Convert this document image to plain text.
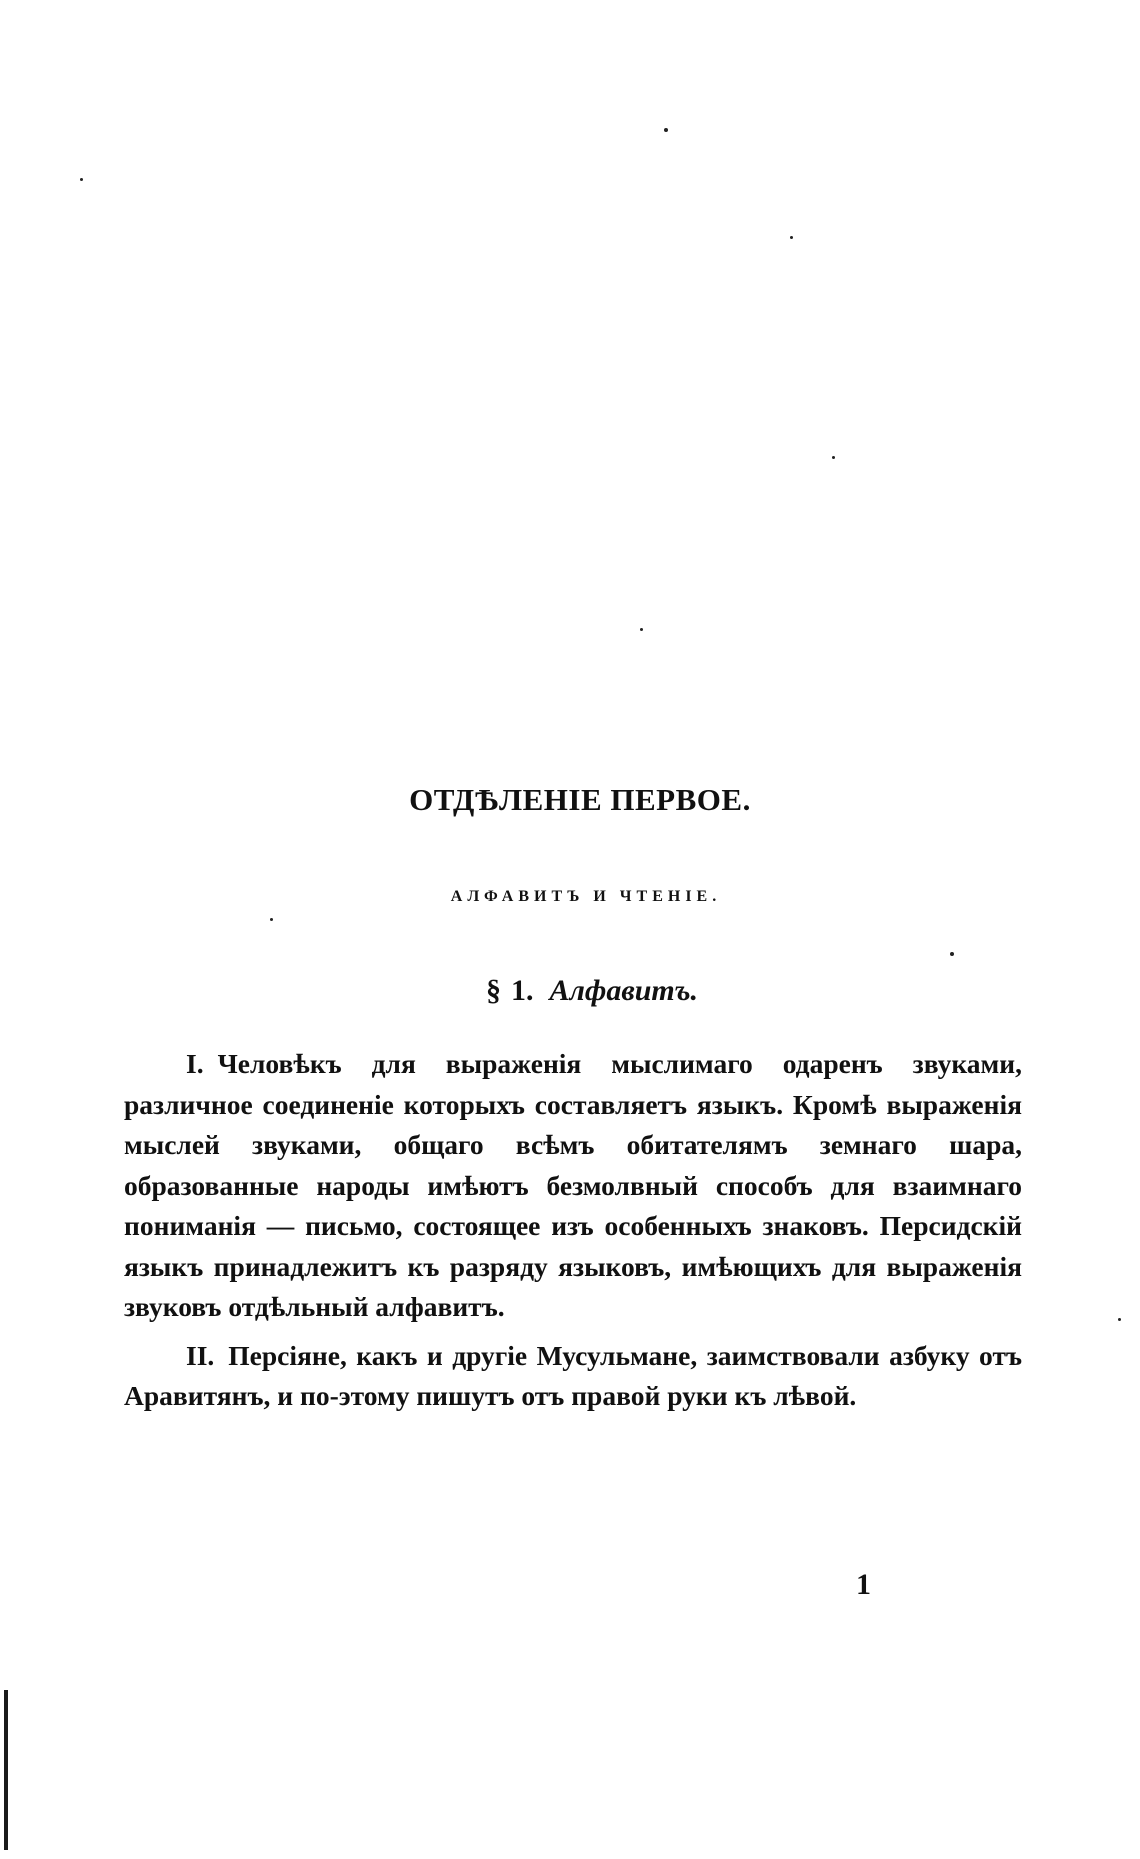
ОТДѢЛЕНІЕ ПЕРВОЕ.
АЛФАВИТЪ И ЧТЕНІЕ.
§ 1. Алфавитъ.

I. Человѣкъ для выраженія мыслимаго одаренъ звуками, различное соединеніе которыхъ составляетъ языкъ. Кромѣ выраженія мыслей звуками, общаго всѣмъ обитателямъ земнаго шара, образованные народы имѣютъ безмолвный способъ для взаимнаго пониманія — письмо, состоящее изъ особенныхъ знаковъ. Персидскій языкъ принадлежитъ къ разряду языковъ, имѣющихъ для выраженія звуковъ отдѣльный алфавитъ.

II. Персіяне, какъ и другіе Мусульмане, заимствовали азбуку отъ Аравитянъ, и по-этому пишутъ отъ правой руки къ лѣвой.

1
